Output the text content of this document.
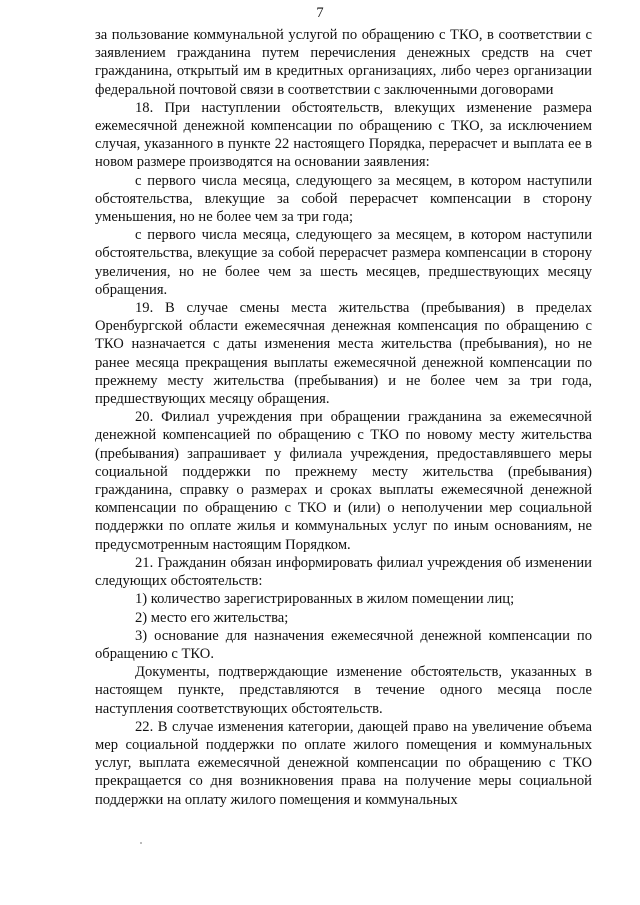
7

за пользование коммунальной услугой по обращению с ТКО, в соответствии с заявлением гражданина путем перечисления денежных средств на счет гражданина, открытый им в кредитных организациях, либо через организации федеральной почтовой связи в соответствии с заключенными договорами

18. При наступлении обстоятельств, влекущих изменение размера ежемесячной денежной компенсации по обращению с ТКО, за исключением случая, указанного в пункте 22 настоящего Порядка, перерасчет и выплата ее в новом размере производятся на основании заявления:

с первого числа месяца, следующего за месяцем, в котором наступили обстоятельства, влекущие за собой перерасчет компенсации в сторону уменьшения, но не более чем за три года;

с первого числа месяца, следующего за месяцем, в котором наступили обстоятельства, влекущие за собой перерасчет размера компенсации в сторону увеличения, но не более чем за шесть месяцев, предшествующих месяцу обращения.

19. В случае смены места жительства (пребывания) в пределах Оренбургской области ежемесячная денежная компенсация по обращению с ТКО назначается с даты изменения места жительства (пребывания), но не ранее месяца прекращения выплаты ежемесячной денежной компенсации по прежнему месту жительства (пребывания) и не более чем за три года, предшествующих месяцу обращения.

20. Филиал учреждения при обращении гражданина за ежемесячной денежной компенсацией по обращению с ТКО по новому месту жительства (пребывания) запрашивает у филиала учреждения, предоставлявшего меры социальной поддержки по прежнему месту жительства (пребывания) гражданина, справку о размерах и сроках выплаты ежемесячной денежной компенсации по обращению с ТКО и (или) о неполучении мер социальной поддержки по оплате жилья и коммунальных услуг по иным основаниям, не предусмотренным настоящим Порядком.

21. Гражданин обязан информировать филиал учреждения об изменении следующих обстоятельств:

1) количество зарегистрированных в жилом помещении лиц;

2) место его жительства;

3) основание для назначения ежемесячной денежной компенсации по обращению с ТКО.

Документы, подтверждающие изменение обстоятельств, указанных в настоящем пункте, представляются в течение одного месяца после наступления соответствующих обстоятельств.

22. В случае изменения категории, дающей право на увеличение объема мер социальной поддержки по оплате жилого помещения и коммунальных услуг, выплата ежемесячной денежной компенсации по обращению с ТКО прекращается со дня возникновения права на получение меры социальной поддержки на оплату жилого помещения и коммунальных
